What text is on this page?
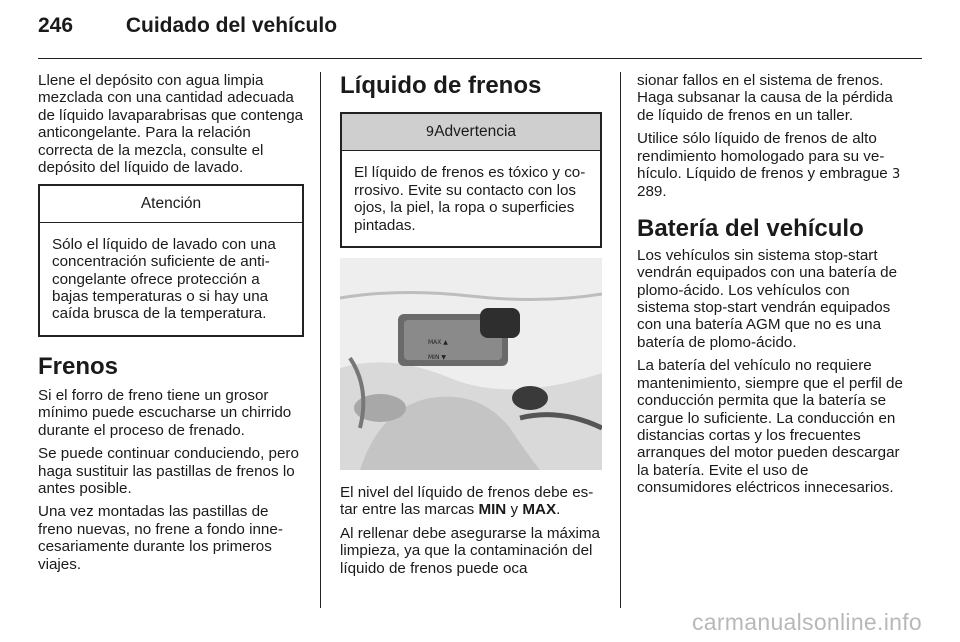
246	Cuidado del vehículo

Llene el depósito con agua limpia mezclada con una cantidad adecuada de líquido lavaparabrisas que contenga anticongelante. Para la relación correcta de la mezcla, consulte el depósito del líquido de lavado.

Atención
Sólo el líquido de lavado con una concentración suficiente de anticongelante ofrece protección a bajas temperaturas o si hay una caída brusca de la temperatura.
Frenos

Si el forro de freno tiene un grosor mínimo puede escucharse un chirrido durante el proceso de frenado.

Se puede continuar conduciendo, pero haga sustituir las pastillas de frenos lo antes posible.

Una vez montadas las pastillas de freno nuevas, no frene a fondo innecesariamente durante los primeros viajes.

Líquido de frenos
9Advertencia
El líquido de frenos es tóxico y corrosivo. Evite su contacto con los ojos, la piel, la ropa o superficies pintadas.
MAX ▲
MIN ▼

El nivel del líquido de frenos debe estar entre las marcas MIN y MAX.

Al rellenar debe asegurarse la máxima limpieza, ya que la contaminación del líquido de frenos puede oca

sionar fallos en el sistema de frenos. Haga subsanar la causa de la pérdida de líquido de frenos en un taller.

Utilice sólo líquido de frenos de alto rendimiento homologado para su vehículo. Líquido de frenos y embrague 3 289.

Batería del vehículo

Los vehículos sin sistema stop-start vendrán equipados con una batería de plomo-ácido. Los vehículos con sistema stop-start vendrán equipados con una batería AGM que no es una batería de plomo-ácido.

La batería del vehículo no requiere mantenimiento, siempre que el perfil de conducción permita que la batería se cargue lo suficiente. La conducción en distancias cortas y los frecuentes arranques del motor pueden descargar la batería. Evite el uso de consumidores eléctricos innecesarios.

carmanualsonline.info
